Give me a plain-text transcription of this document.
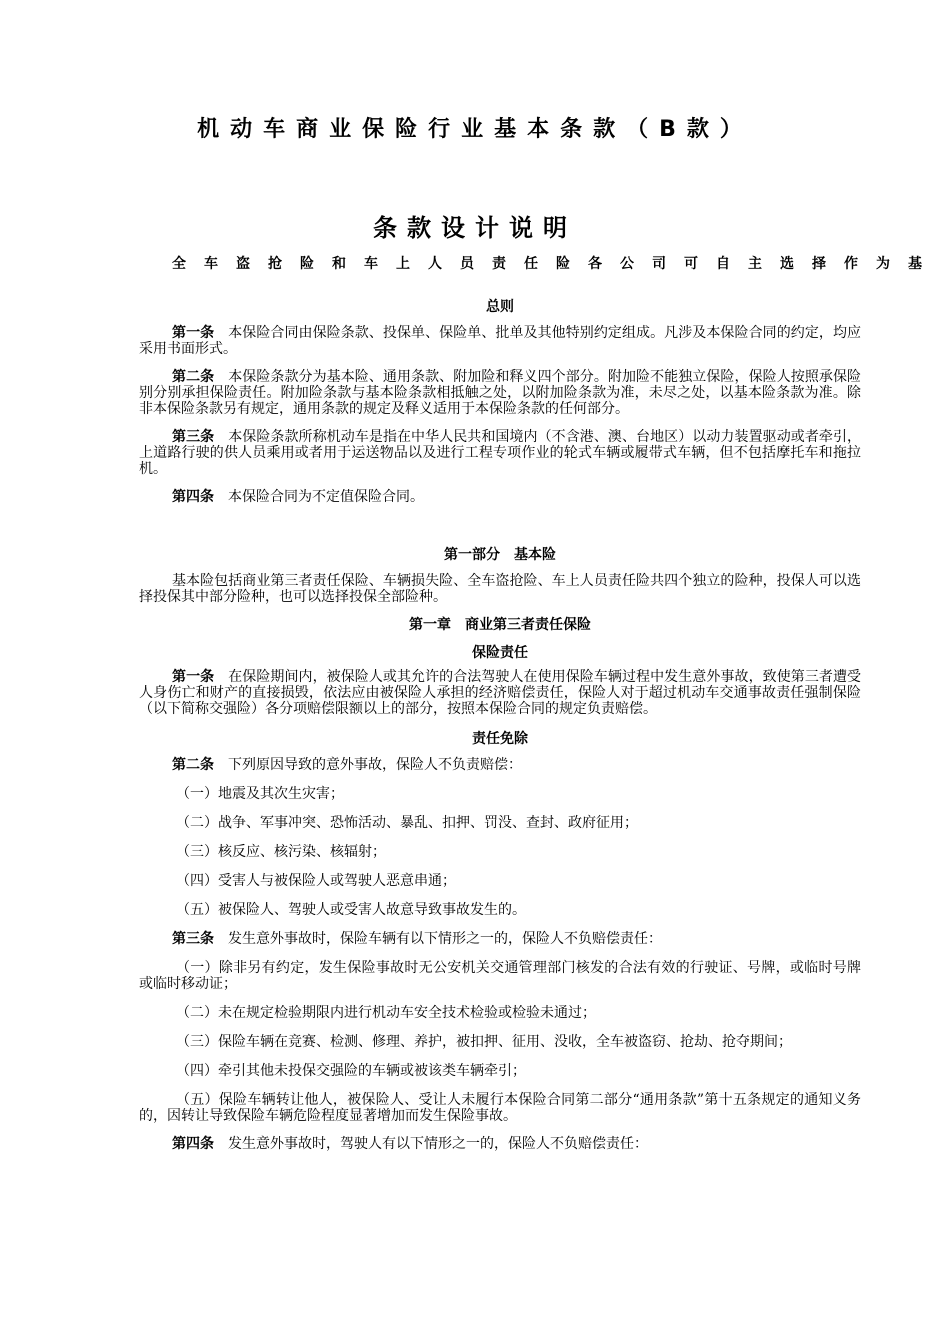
机动车商业保险行业基本条款（B款）
条款设计说明
全车盗抢险和车上人员责任险各公司可自主选择作为基
总则

第一条 本保险合同由保险条款、投保单、保险单、批单及其他特别约定组成。凡涉及本保险合同的约定，均应采用书面形式。

第二条 本保险条款分为基本险、通用条款、附加险和释义四个部分。附加险不能独立保险，保险人按照承保险别分别承担保险责任。附加险条款与基本险条款相抵触之处，以附加险条款为准，未尽之处，以基本险条款为准。除非本保险条款另有规定，通用条款的规定及释义适用于本保险条款的任何部分。

第三条 本保险条款所称机动车是指在中华人民共和国境内（不含港、澳、台地区）以动力装置驱动或者牵引，上道路行驶的供人员乘用或者用于运送物品以及进行工程专项作业的轮式车辆或履带式车辆，但不包括摩托车和拖拉机。

第四条 本保险合同为不定值保险合同。

第一部分　基本险

基本险包括商业第三者责任保险、车辆损失险、全车盗抢险、车上人员责任险共四个独立的险种，投保人可以选择投保其中部分险种，也可以选择投保全部险种。

第一章　商业第三者责任保险
保险责任

第一条 在保险期间内，被保险人或其允许的合法驾驶人在使用保险车辆过程中发生意外事故，致使第三者遭受人身伤亡和财产的直接损毁，依法应由被保险人承担的经济赔偿责任，保险人对于超过机动车交通事故责任强制保险（以下简称交强险）各分项赔偿限额以上的部分，按照本保险合同的规定负责赔偿。

责任免除

第二条 下列原因导致的意外事故，保险人不负责赔偿：

（一）地震及其次生灾害；

（二）战争、军事冲突、恐怖活动、暴乱、扣押、罚没、查封、政府征用；

（三）核反应、核污染、核辐射；

（四）受害人与被保险人或驾驶人恶意串通；

（五）被保险人、驾驶人或受害人故意导致事故发生的。

第三条 发生意外事故时，保险车辆有以下情形之一的，保险人不负赔偿责任：

（一）除非另有约定，发生保险事故时无公安机关交通管理部门核发的合法有效的行驶证、号牌，或临时号牌或临时移动证；

（二）未在规定检验期限内进行机动车安全技术检验或检验未通过；

（三）保险车辆在竞赛、检测、修理、养护，被扣押、征用、没收，全车被盗窃、抢劫、抢夺期间；

（四）牵引其他未投保交强险的车辆或被该类车辆牵引；

（五）保险车辆转让他人，被保险人、受让人未履行本保险合同第二部分“通用条款”第十五条规定的通知义务的，因转让导致保险车辆危险程度显著增加而发生保险事故。

第四条 发生意外事故时，驾驶人有以下情形之一的，保险人不负赔偿责任：
